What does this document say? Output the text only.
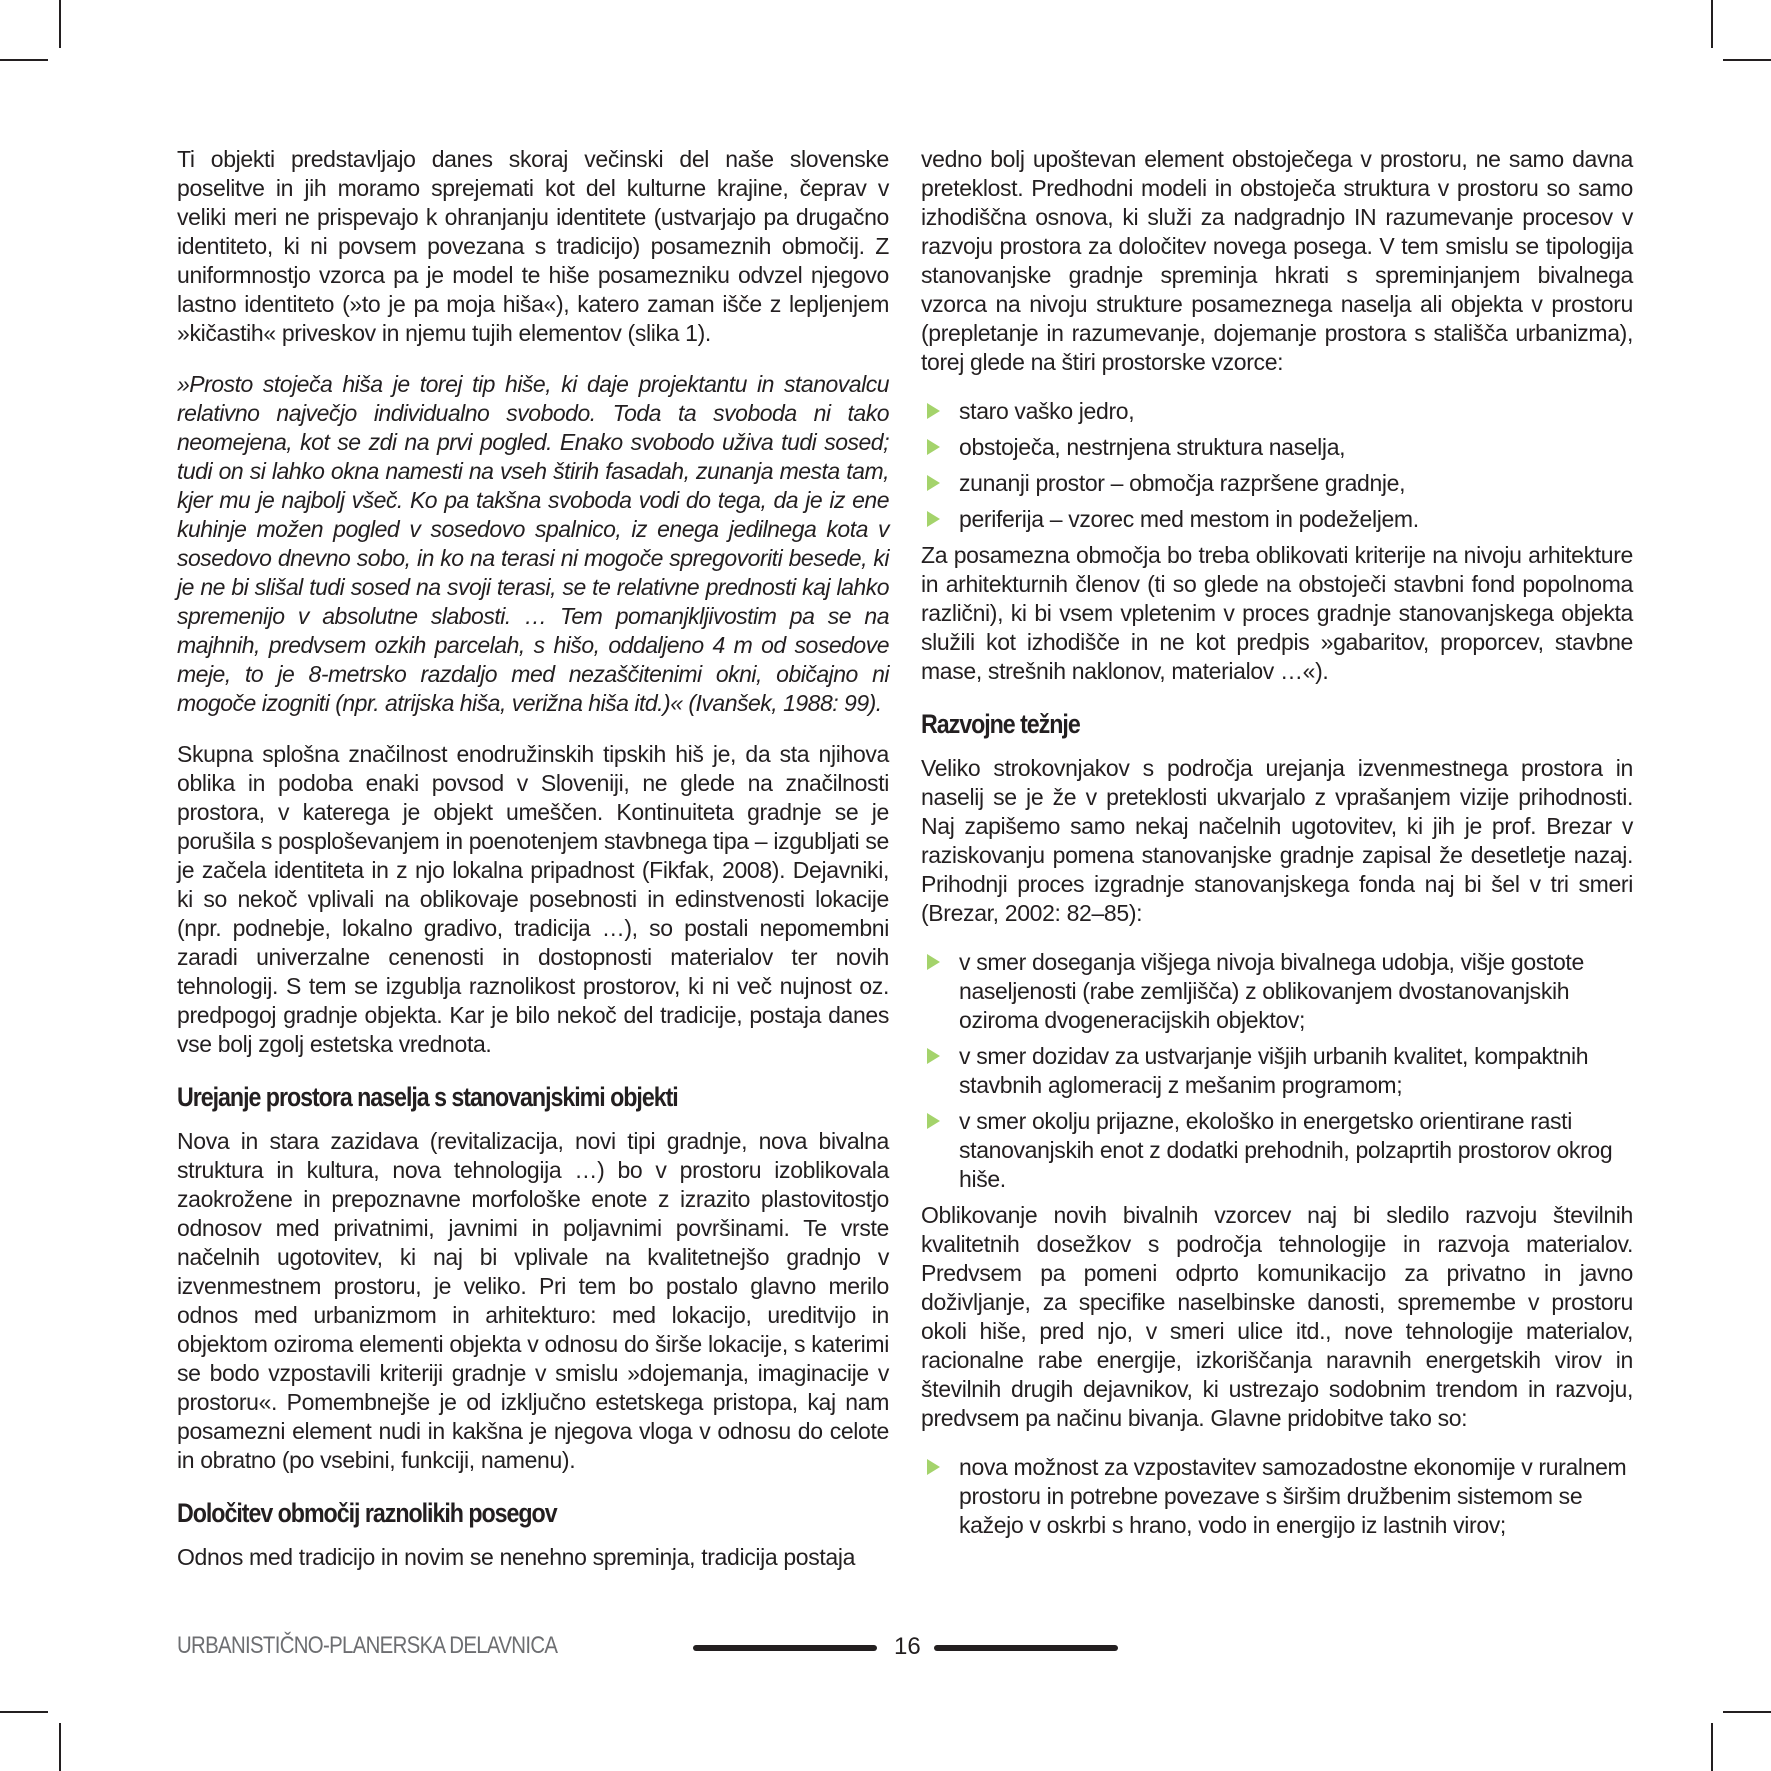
Ti objekti predstavljajo danes skoraj večinski del naše slovenske poselitve in jih moramo sprejemati kot del kulturne krajine, čeprav v veliki meri ne prispevajo k ohranjanju identitete (ustvarjajo pa drugačno identiteto, ki ni povsem povezana s tradicijo) posameznih območij. Z uniformnostjo vzorca pa je model te hiše posamezniku odvzel njegovo lastno identiteto (»to je pa moja hiša«), katero zaman išče z lepljenjem »kičastih« priveskov in njemu tujih elementov (slika 1).

»Prosto stoječa hiša je torej tip hiše, ki daje projektantu in stanovalcu relativno največjo individualno svobodo. Toda ta svoboda ni tako neomejena, kot se zdi na prvi pogled. Enako svobodo uživa tudi sosed; tudi on si lahko okna namesti na vseh štirih fasadah, zunanja mesta tam, kjer mu je najbolj všeč. Ko pa takšna svoboda vodi do tega, da je iz ene kuhinje možen pogled v sosedovo spalnico, iz enega jedilnega kota v sosedovo dnevno sobo, in ko na terasi ni mogoče spregovoriti besede, ki je ne bi slišal tudi sosed na svoji terasi, se te relativne prednosti kaj lahko spremenijo v absolutne slabosti. … Tem pomanjkljivostim pa se na majhnih, predvsem ozkih parcelah, s hišo, oddaljeno 4 m od sosedove meje, to je 8-metrsko razdaljo med nezaščitenimi okni, običajno ni mogoče izogniti (npr. atrijska hiša, verižna hiša itd.)« (Ivanšek, 1988: 99).

Skupna splošna značilnost enodružinskih tipskih hiš je, da sta njihova oblika in podoba enaki povsod v Sloveniji, ne glede na značilnosti prostora, v katerega je objekt umeščen. Kontinuiteta gradnje se je porušila s posploševanjem in poenotenjem stavbnega tipa – izgubljati se je začela identiteta in z njo lokalna pripadnost (Fikfak, 2008). Dejavniki, ki so nekoč vplivali na oblikovaje posebnosti in edinstvenosti lokacije (npr. podnebje, lokalno gradivo, tradicija …), so postali nepomembni zaradi univerzalne cenenosti in dostopnosti materialov ter novih tehnologij. S tem se izgublja raznolikost prostorov, ki ni več nujnost oz. predpogoj gradnje objekta. Kar je bilo nekoč del tradicije, postaja danes vse bolj zgolj estetska vrednota.

Urejanje prostora naselja s stanovanjskimi objekti

Nova in stara zazidava (revitalizacija, novi tipi gradnje, nova bivalna struktura in kultura, nova tehnologija …) bo v prostoru izoblikovala zaokrožene in prepoznavne morfološke enote z izrazito plastovitostjo odnosov med privatnimi, javnimi in poljavnimi površinami. Te vrste načelnih ugotovitev, ki naj bi vplivale na kvalitetnejšo gradnjo v izvenmestnem prostoru, je veliko. Pri tem bo postalo glavno merilo odnos med urbanizmom in arhitekturo: med lokacijo, ureditvijo in objektom oziroma elementi objekta v odnosu do širše lokacije, s katerimi se bodo vzpostavili kriteriji gradnje v smislu »dojemanja, imaginacije v prostoru«. Pomembnejše je od izključno estetskega pristopa, kaj nam posamezni element nudi in kakšna je njegova vloga v odnosu do celote in obratno (po vsebini, funkciji, namenu).

Določitev območij raznolikih posegov

Odnos med tradicijo in novim se nenehno spreminja, tradicija postaja

vedno bolj upoštevan element obstoječega v prostoru, ne samo davna preteklost. Predhodni modeli in obstoječa struktura v prostoru so samo izhodiščna osnova, ki služi za nadgradnjo IN razumevanje procesov v razvoju prostora za določitev novega posega. V tem smislu se tipologija stanovanjske gradnje spreminja hkrati s spreminjanjem bivalnega vzorca na nivoju strukture posameznega naselja ali objekta v prostoru (prepletanje in razumevanje, dojemanje prostora s stališča urbanizma), torej glede na štiri prostorske vzorce:

staro vaško jedro,
obstoječa, nestrnjena struktura naselja,
zunanji prostor – območja razpršene gradnje,
periferija – vzorec med mestom in podeželjem.

Za posamezna območja bo treba oblikovati kriterije na nivoju arhitekture in arhitekturnih členov (ti so glede na obstoječi stavbni fond popolnoma različni), ki bi vsem vpletenim v proces gradnje stanovanjskega objekta služili kot izhodišče in ne kot predpis »gabaritov, proporcev, stavbne mase, strešnih naklonov, materialov …«).

Razvojne težnje

Veliko strokovnjakov s področja urejanja izvenmestnega prostora in naselij se je že v preteklosti ukvarjalo z vprašanjem vizije prihodnosti. Naj zapišemo samo nekaj načelnih ugotovitev, ki jih je prof. Brezar v raziskovanju pomena stanovanjske gradnje zapisal že desetletje nazaj. Prihodnji proces izgradnje stanovanjskega fonda naj bi šel v tri smeri (Brezar, 2002: 82–85):

v smer doseganja višjega nivoja bivalnega udobja, višje gostote naseljenosti (rabe zemljišča) z oblikovanjem dvostanovanjskih oziroma dvogeneracijskih objektov;
v smer dozidav za ustvarjanje višjih urbanih kvalitet, kompaktnih stavbnih aglomeracij z mešanim programom;
v smer okolju prijazne, ekološko in energetsko orientirane rasti stanovanjskih enot z dodatki prehodnih, polzaprtih prostorov okrog hiše.

Oblikovanje novih bivalnih vzorcev naj bi sledilo razvoju številnih kvalitetnih dosežkov s področja tehnologije in razvoja materialov. Predvsem pa pomeni odprto komunikacijo za privatno in javno doživljanje, za specifike naselbinske danosti, spremembe v prostoru okoli hiše, pred njo, v smeri ulice itd., nove tehnologije materialov, racionalne rabe energije, izkoriščanja naravnih energetskih virov in številnih drugih dejavnikov, ki ustrezajo sodobnim trendom in razvoju, predvsem pa načinu bivanja. Glavne pridobitve tako so:

nova možnost za vzpostavitev samozadostne ekonomije v ruralnem prostoru in potrebne povezave s širšim družbenim sistemom se kažejo v oskrbi s hrano, vodo in energijo iz lastnih virov;
URBANISTIČNO-PLANERSKA DELAVNICA	16
